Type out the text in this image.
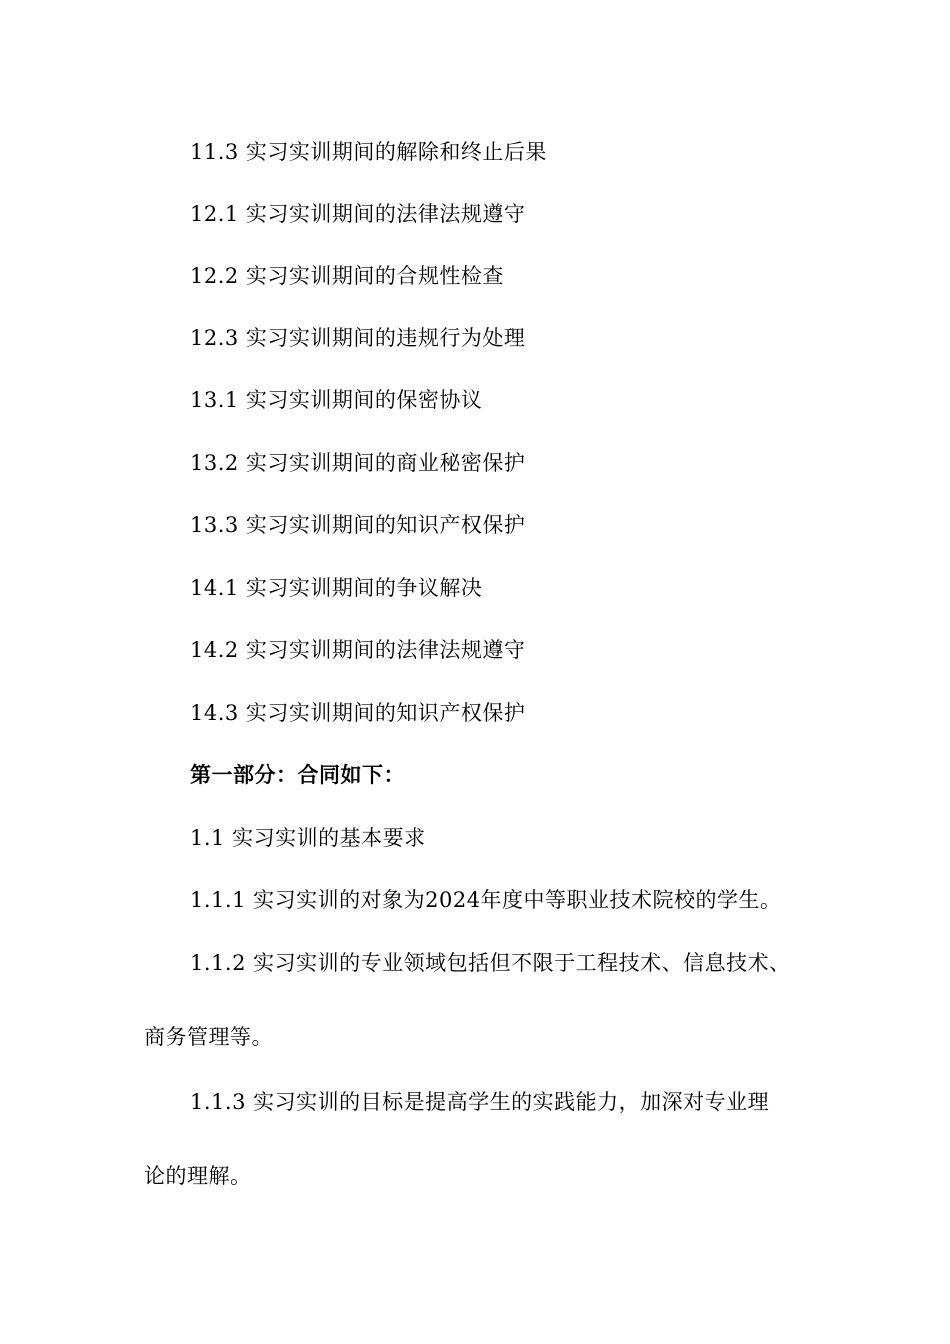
11.3 实习实训期间的解除和终止后果
12.1 实习实训期间的法律法规遵守
12.2 实习实训期间的合规性检查
12.3 实习实训期间的违规行为处理
13.1 实习实训期间的保密协议
13.2 实习实训期间的商业秘密保护
13.3 实习实训期间的知识产权保护
14.1 实习实训期间的争议解决
14.2 实习实训期间的法律法规遵守
14.3 实习实训期间的知识产权保护
第一部分：合同如下：
1.1 实习实训的基本要求
1.1.1 实习实训的对象为2024年度中等职业技术院校的学生。
1.1.2 实习实训的专业领域包括但不限于工程技术、信息技术、
商务管理等。
1.1.3 实习实训的目标是提高学生的实践能力，加深对专业理
论的理解。
